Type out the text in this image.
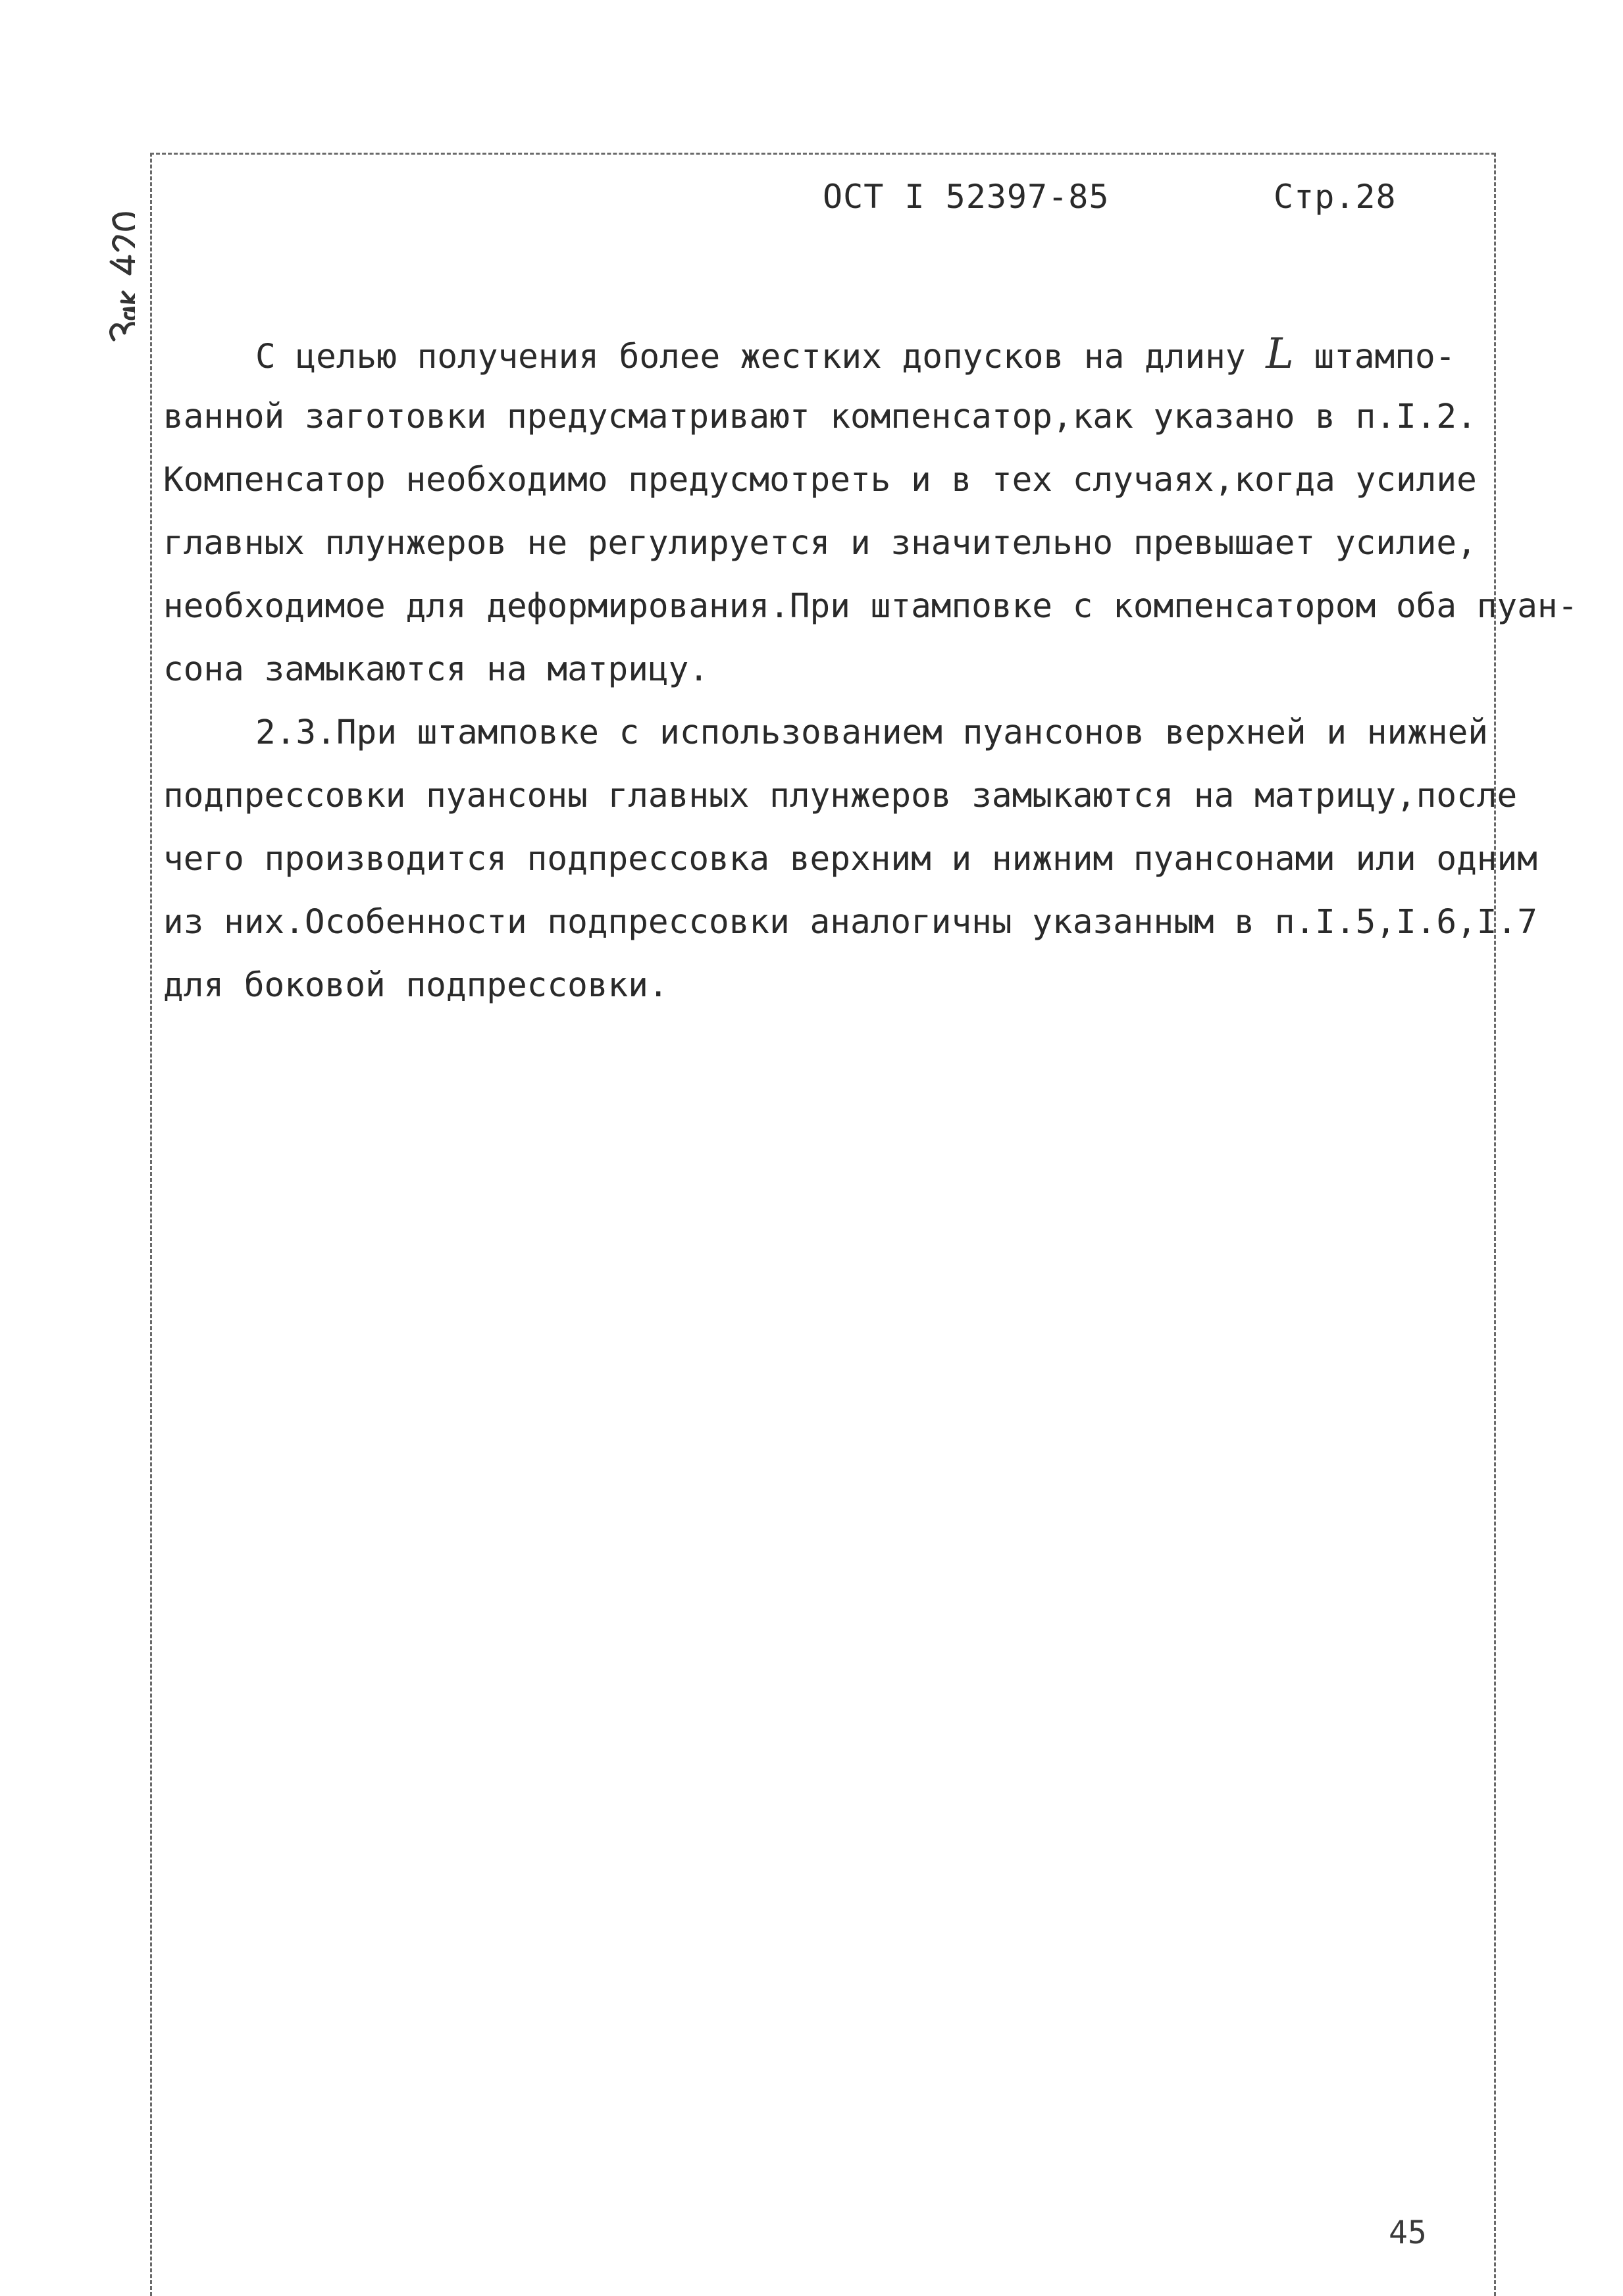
ОСТ I 52397-85	Стр.28
С целью получения более жестких допусков на длину L штампо-
ванной заготовки предусматривают компенсатор,как указано в п.I.2.
Компенсатор необходимо предусмотреть и в тех случаях,когда усилие
главных плунжеров не регулируется и значительно превышает усилие,
необходимое для деформирования.При штамповке с компенсатором оба пуан-
сона замыкаются на матрицу.
2.3.При штамповке с использованием пуансонов верхней и нижней
подпрессовки пуансоны главных плунжеров замыкаются на матрицу,после
чего производится подпрессовка верхним и нижним пуансонами или одним
из них.Особенности подпрессовки аналогичны указанным в п.I.5,I.6,I.7
для боковой подпрессовки.
45
